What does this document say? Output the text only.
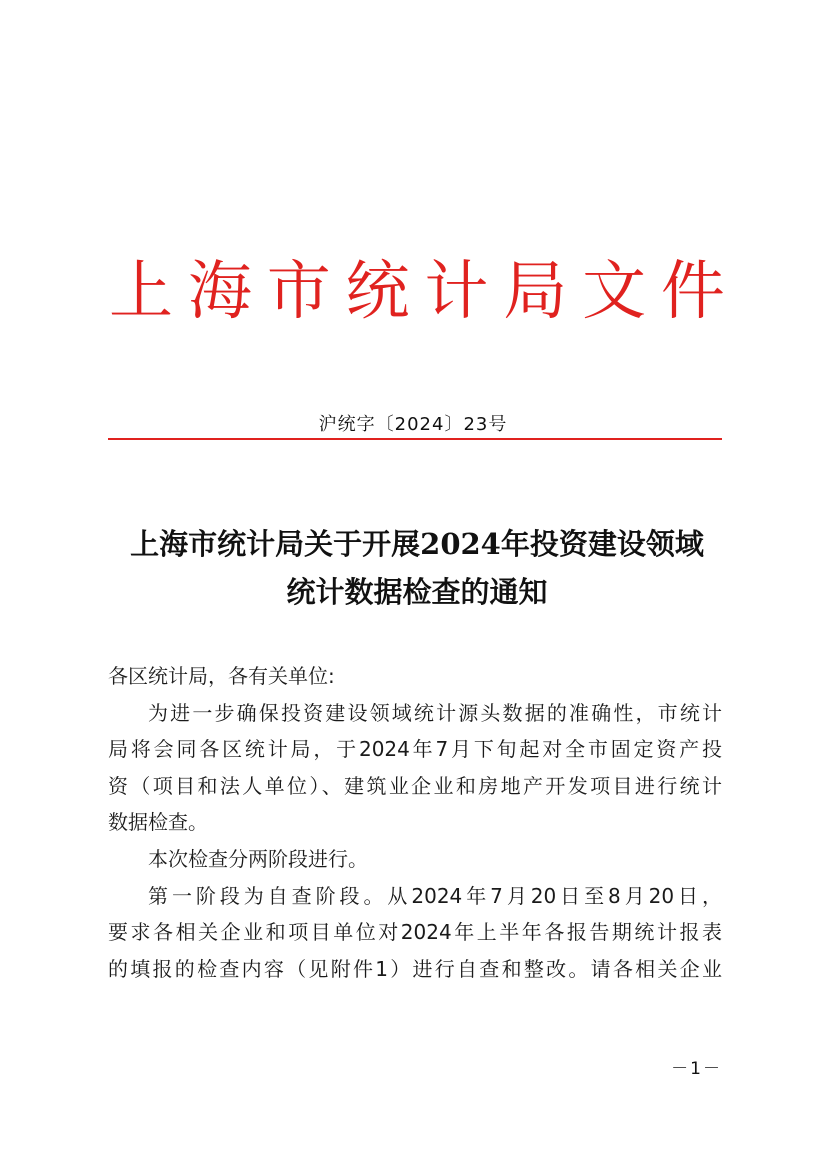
上 海 市 统 计 局 文 件
沪统字〔2024〕23号
上海市统计局关于开展2024年投资建设领域
统计数据检查的通知
各区统计局，各有关单位:
为进一步确保投资建设领域统计源头数据的准确性，市统计
局将会同各区统计局，于2024年7月下旬起对全市固定资产投
资（项目和法人单位）、建筑业企业和房地产开发项目进行统计
数据检查。
本次检查分两阶段进行。
第一阶段为自查阶段。从2024年7月20日至8月20日，
要求各相关企业和项目单位对2024年上半年各报告期统计报表
的填报的检查内容（见附件1）进行自查和整改。请各相关企业
－1－
